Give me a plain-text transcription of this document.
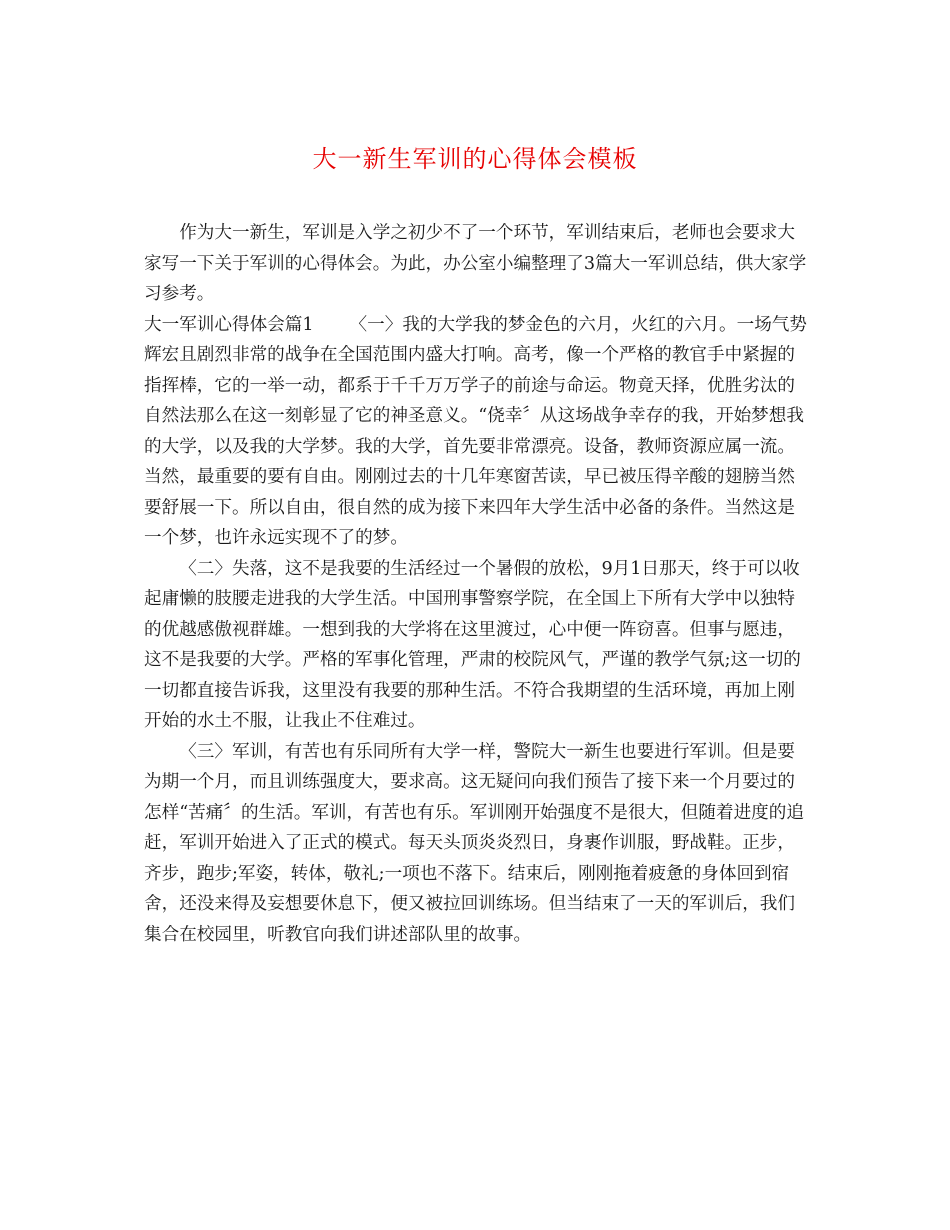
大一新生军训的心得体会模板

作为大一新生，军训是入学之初少不了一个环节，军训结束后，老师也会要求大家写一下关于军训的心得体会。为此，办公室小编整理了3篇大一军训总结，供大家学习参考。

大一军训心得体会篇1 〈一〉我的大学我的梦金色的六月，火红的六月。一场气势辉宏且剧烈非常的战争在全国范围内盛大打响。高考，像一个严格的教官手中紧握的指挥棒，它的一举一动，都系于千千万万学子的前途与命运。物竟天择，优胜劣汰的自然法那么在这一刻彰显了它的神圣意义。“侥幸〞从这场战争幸存的我，开始梦想我的大学，以及我的大学梦。我的大学，首先要非常漂亮。设备，教师资源应属一流。当然，最重要的要有自由。刚刚过去的十几年寒窗苦读，早已被压得辛酸的翅膀当然要舒展一下。所以自由，很自然的成为接下来四年大学生活中必备的条件。当然这是一个梦，也许永远实现不了的梦。

〈二〉失落，这不是我要的生活经过一个暑假的放松，9月1日那天，终于可以收起庸懒的肢腰走进我的大学生活。中国刑事警察学院，在全国上下所有大学中以独特的优越感傲视群雄。一想到我的大学将在这里渡过，心中便一阵窃喜。但事与愿违，这不是我要的大学。严格的军事化管理，严肃的校院风气，严谨的教学气氛;这一切的一切都直接告诉我，这里没有我要的那种生活。不符合我期望的生活环境，再加上刚开始的水土不服，让我止不住难过。

〈三〉军训，有苦也有乐同所有大学一样，警院大一新生也要进行军训。但是要为期一个月，而且训练强度大，要求高。这无疑问向我们预告了接下来一个月要过的怎样“苦痛〞的生活。军训，有苦也有乐。军训刚开始强度不是很大，但随着进度的追赶，军训开始进入了正式的模式。每天头顶炎炎烈日，身裹作训服，野战鞋。正步，齐步，跑步;军姿，转体，敬礼;一项也不落下。结束后，刚刚拖着疲惫的身体回到宿舍，还没来得及妄想要休息下，便又被拉回训练场。但当结束了一天的军训后，我们集合在校园里，听教官向我们讲述部队里的故事。
